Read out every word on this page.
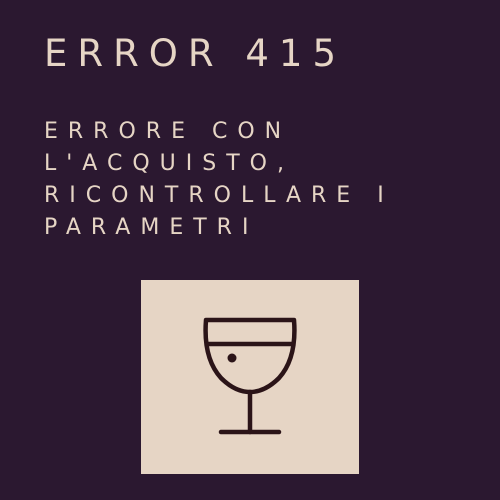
ERROR 415

ERRORE CON
L'ACQUISTO,
RICONTROLLARE I
PARAMETRI
